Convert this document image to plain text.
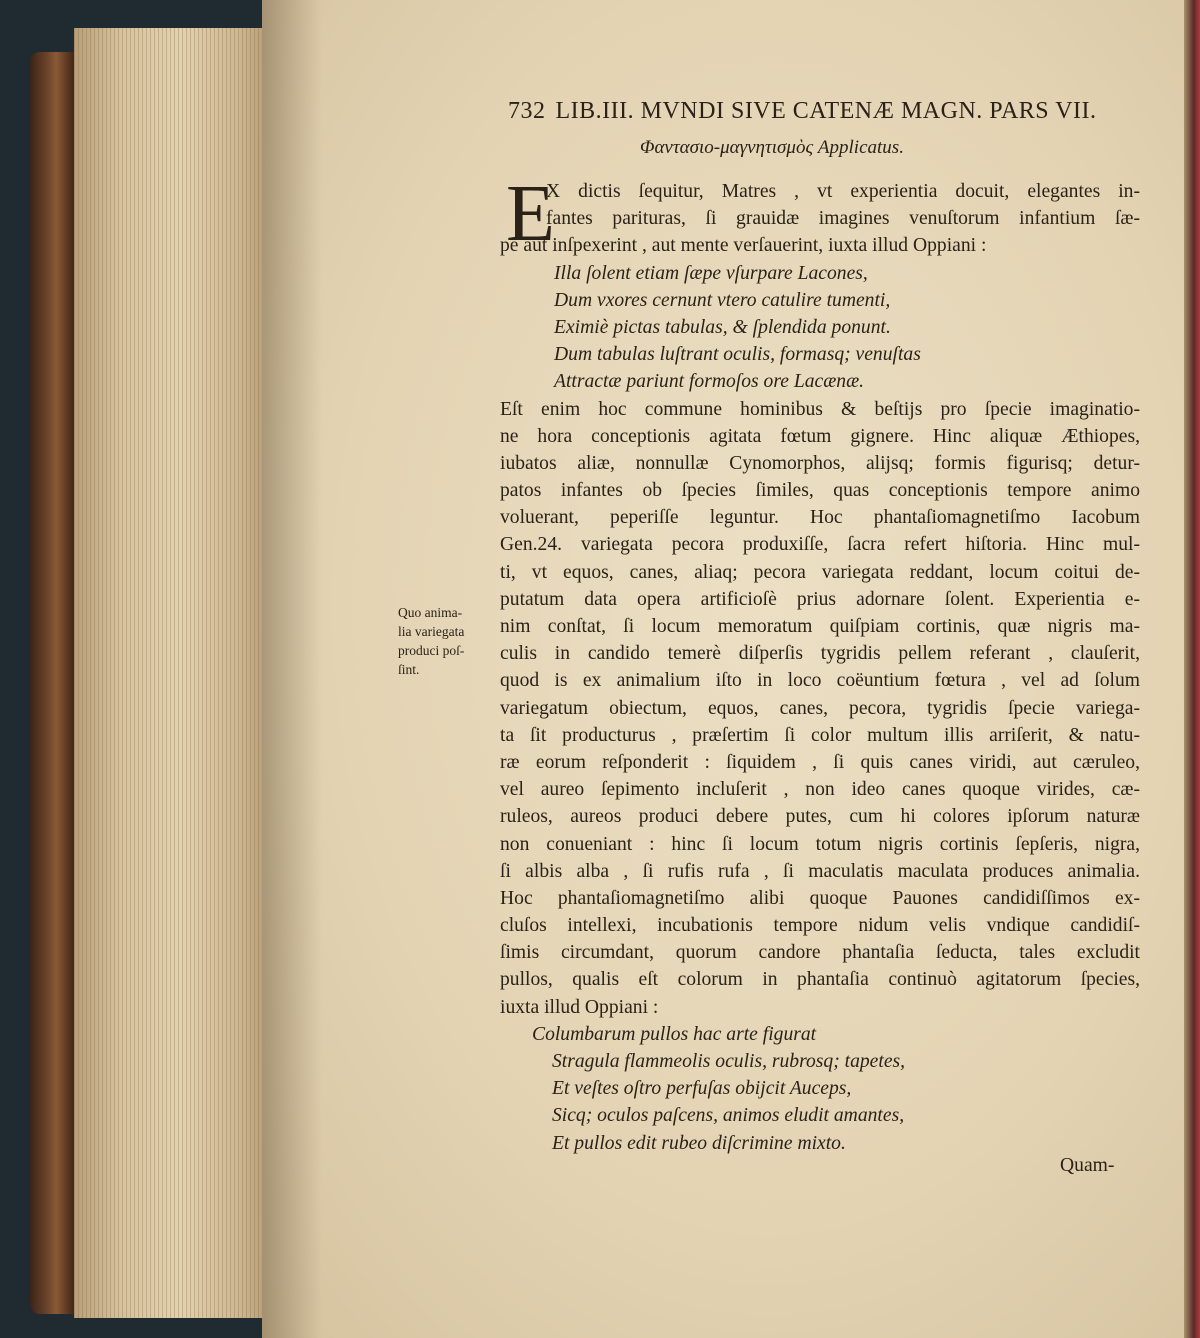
732 LIB.III. MVNDI SIVE CATENÆ MAGN. PARS VII.
Φαντασιο-μαγνητισμὸς Applicatus.
E
X dictis ſequitur, Matres , vt experientia docuit, elegantes in-
fantes parituras, ſi grauidæ imagines venuſtorum infantium ſæ-
pe aut inſpexerint , aut mente verſauerint, iuxta illud Oppiani :
Illa ſolent etiam ſæpe vſurpare Lacones,
Dum vxores cernunt vtero catulire tumenti,
Eximiè pictas tabulas, & ſplendida ponunt.
Dum tabulas luſtrant oculis, formasq; venuſtas
Attractæ pariunt formoſos ore Lacænæ.
Eſt enim hoc commune hominibus & beſtijs pro ſpecie imaginatio-
ne hora conceptionis agitata fœtum gignere. Hinc aliquæ Æthiopes,
iubatos aliæ, nonnullæ Cynomorphos, alijsq; formis figurisq; detur-
patos infantes ob ſpecies ſimiles, quas conceptionis tempore animo
voluerant, peperiſſe leguntur. Hoc phantaſiomagnetiſmo Iacobum
Gen.24. variegata pecora produxiſſe, ſacra refert hiſtoria. Hinc mul-
ti, vt equos, canes, aliaq; pecora variegata reddant, locum coitui de-
putatum data opera artificioſè prius adornare ſolent. Experientia e-
nim conſtat, ſi locum memoratum quiſpiam cortinis, quæ nigris ma-
culis in candido temerè diſperſis tygridis pellem referant , clauſerit,
quod is ex animalium iſto in loco coëuntium fœtura , vel ad ſolum
variegatum obiectum, equos, canes, pecora, tygridis ſpecie variega-
ta ſit producturus , præſertim ſi color multum illis arriſerit, & natu-
ræ eorum reſponderit : ſiquidem , ſi quis canes viridi, aut cæruleo,
vel aureo ſepimento incluſerit , non ideo canes quoque virides, cæ-
ruleos, aureos produci debere putes, cum hi colores ipſorum naturæ
non conueniant : hinc ſi locum totum nigris cortinis ſepſeris, nigra,
ſi albis alba , ſi rufis rufa , ſi maculatis maculata produces animalia.
Hoc phantaſiomagnetiſmo alibi quoque Pauones candidiſſimos ex-
cluſos intellexi, incubationis tempore nidum velis vndique candidiſ-
ſimis circumdant, quorum candore phantaſia ſeducta, tales excludit
pullos, qualis eſt colorum in phantaſia continuò agitatorum ſpecies,
iuxta illud Oppiani :
Columbarum pullos hac arte figurat
Stragula flammeolis oculis, rubrosq; tapetes,
Et veſtes oſtro perfuſas obijcit Auceps,
Sicq; oculos paſcens, animos eludit amantes,
Et pullos edit rubeo diſcrimine mixto.
Quo anima-
lia variegata
produci poſ-
ſint.
Quam-
